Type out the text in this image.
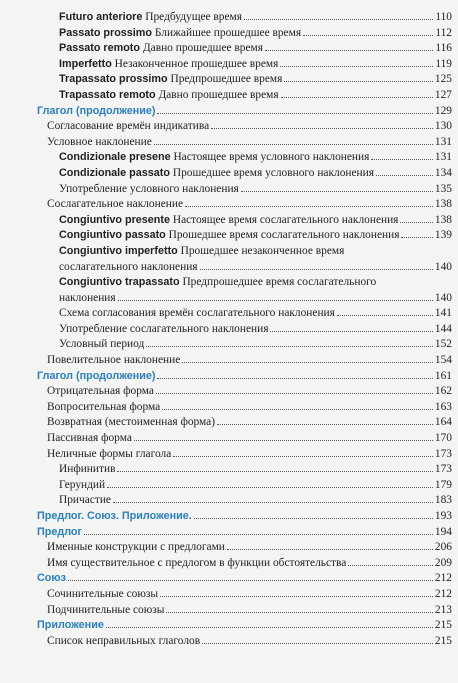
Futuro anteriore Предбудущее время	110
Passato prossimo Ближайшее прошедшее время	112
Passato remoto Давно прошедшее время	116
Imperfetto Незаконченное прошедшее время	119
Trapassato prossimo Предпрошедшее время	125
Trapassato remoto Давно прошедшее время	127
Глагол (продолжение)	129
Согласование времён индикатива	130
Условное наклонение	131
Condizionale presene Настоящее время условного наклонения	131
Condizionale passato Прошедшее время условного наклонения	134
Употребление условного наклонения	135
Сослагательное наклонение	138
Congiuntivo presente Настоящее время сослагательного наклонения	138
Congiuntivo passato Прошедшее время сослагательного наклонения	139
Congiuntivo imperfetto Прошедшее незаконченное время
сослагательного наклонения	140
Congiuntivo trapassato Предпрошедшее время сослагательного
наклонения	140
Схема согласования времён сослагательного наклонения	141
Употребление сослагательного наклонения	144
Условный период	152
Повелительное наклонение	154
Глагол (продолжение)	161
Отрицательная форма	162
Вопросительная форма	163
Возвратная (местоименная форма)	164
Пассивная форма	170
Неличные формы глагола	173
Инфинитив	173
Герундий	179
Причастие	183
Предлог. Союз. Приложение.	193
Предлог	194
Именные конструкции с предлогами	206
Имя существительное с предлогом в функции обстоятельства	209
Союз	212
Сочинительные союзы	212
Подчинительные союзы	213
Приложение	215
Список неправильных глаголов	215
